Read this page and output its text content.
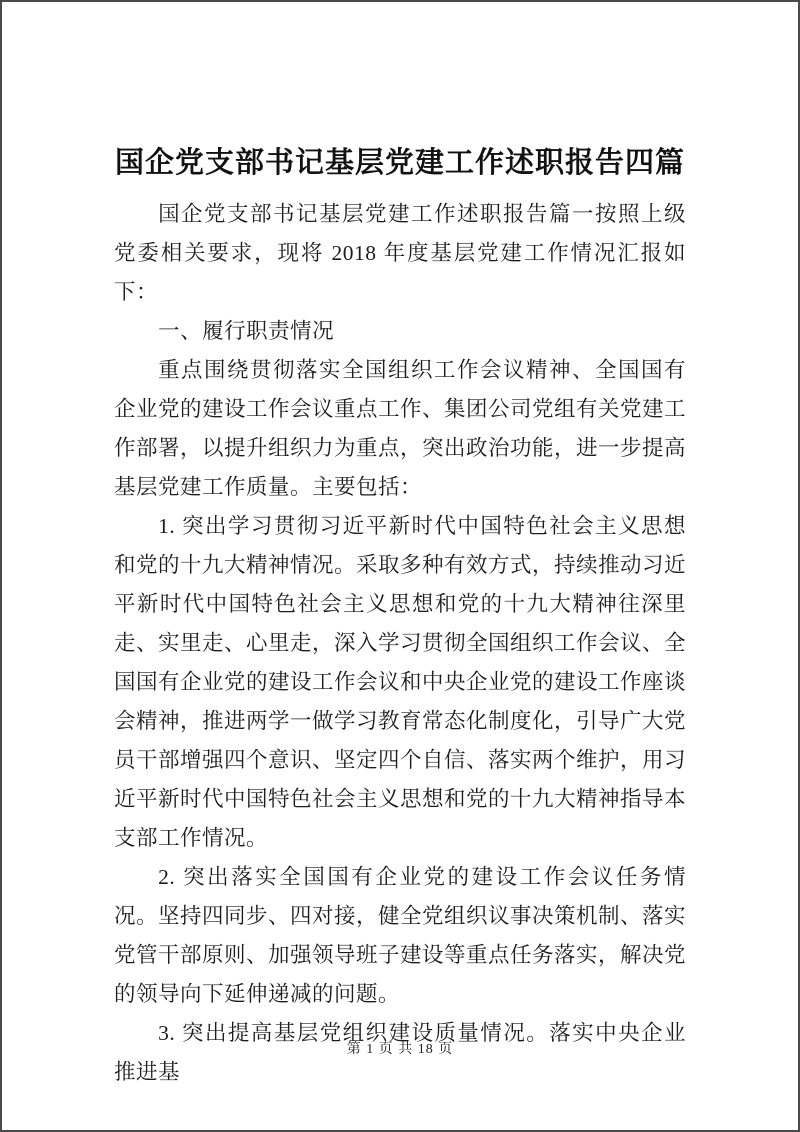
国企党支部书记基层党建工作述职报告四篇

国企党支部书记基层党建工作述职报告篇一按照上级党委相关要求，现将 2018 年度基层党建工作情况汇报如下：

一、履行职责情况

重点围绕贯彻落实全国组织工作会议精神、全国国有企业党的建设工作会议重点工作、集团公司党组有关党建工作部署，以提升组织力为重点，突出政治功能，进一步提高基层党建工作质量。主要包括：

1. 突出学习贯彻习近平新时代中国特色社会主义思想和党的十九大精神情况。采取多种有效方式，持续推动习近平新时代中国特色社会主义思想和党的十九大精神往深里走、实里走、心里走，深入学习贯彻全国组织工作会议、全国国有企业党的建设工作会议和中央企业党的建设工作座谈会精神，推进两学一做学习教育常态化制度化，引导广大党员干部增强四个意识、坚定四个自信、落实两个维护，用习近平新时代中国特色社会主义思想和党的十九大精神指导本支部工作情况。

2. 突出落实全国国有企业党的建设工作会议任务情况。坚持四同步、四对接，健全党组织议事决策机制、落实党管干部原则、加强领导班子建设等重点任务落实，解决党的领导向下延伸递减的问题。

3. 突出提高基层党组织建设质量情况。落实中央企业推进基

第 1 页 共 18 页
